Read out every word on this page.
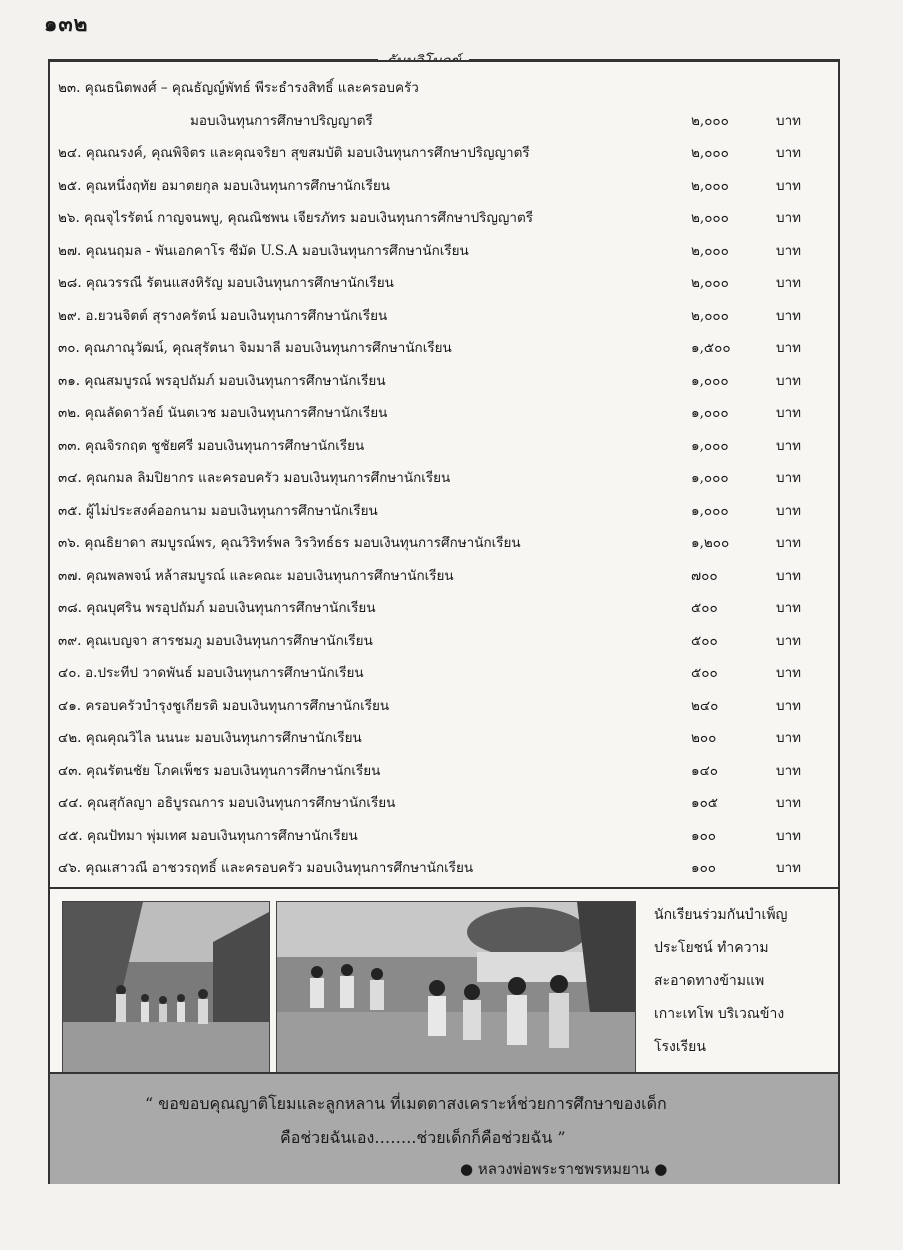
๑๓๒
๒๓. คุณธนิตพงศ์ – คุณธัญญ์พัทธ์ พีระธำรงสิทธิ์ และครอบครัว
มอบเงินทุนการศึกษาปริญญาตรี	๒,๐๐๐	บาท
๒๔. คุณณรงค์, คุณพิจิตร และคุณจริยา สุขสมบัติ มอบเงินทุนการศึกษาปริญญาตรี	๒,๐๐๐	บาท
๒๕. คุณหนึ่งฤทัย อมาตยกุล มอบเงินทุนการศึกษานักเรียน	๒,๐๐๐	บาท
๒๖. คุณจุไรรัตน์ กาญจนพบู, คุณณิชพน เจียรภัทร มอบเงินทุนการศึกษาปริญญาตรี	๒,๐๐๐	บาท
๒๗. คุณนฤมล - พันเอกคาโร ซีมัด U.S.A มอบเงินทุนการศึกษานักเรียน	๒,๐๐๐	บาท
๒๘. คุณวรรณี รัตนแสงหิรัญ มอบเงินทุนการศึกษานักเรียน	๒,๐๐๐	บาท
๒๙. อ.ยวนจิตต์ สุรางครัตน์ มอบเงินทุนการศึกษานักเรียน	๒,๐๐๐	บาท
๓๐. คุณภาณุวัฒน์, คุณสุรัตนา จิมมาลี มอบเงินทุนการศึกษานักเรียน	๑,๕๐๐	บาท
๓๑. คุณสมบูรณ์ พรอุปถัมภ์ มอบเงินทุนการศึกษานักเรียน	๑,๐๐๐	บาท
๓๒. คุณลัดดาวัลย์ นันตเวช มอบเงินทุนการศึกษานักเรียน	๑,๐๐๐	บาท
๓๓. คุณจิรกฤต ชูชัยศรี มอบเงินทุนการศึกษานักเรียน	๑,๐๐๐	บาท
๓๔. คุณกมล ลิมปิยากร และครอบครัว มอบเงินทุนการศึกษานักเรียน	๑,๐๐๐	บาท
๓๕. ผู้ไม่ประสงค์ออกนาม มอบเงินทุนการศึกษานักเรียน	๑,๐๐๐	บาท
๓๖. คุณธิยาดา สมบูรณ์พร, คุณวิริทร์พล วิรวิทธ์ธร มอบเงินทุนการศึกษานักเรียน	๑,๒๐๐	บาท
๓๗. คุณพลพจน์ หล้าสมบูรณ์ และคณะ มอบเงินทุนการศึกษานักเรียน	๗๐๐	บาท
๓๘. คุณบุศริน พรอุปถัมภ์ มอบเงินทุนการศึกษานักเรียน	๕๐๐	บาท
๓๙. คุณเบญจา สารชมภู มอบเงินทุนการศึกษานักเรียน	๕๐๐	บาท
๔๐. อ.ประทีป วาดพันธ์ มอบเงินทุนการศึกษานักเรียน	๕๐๐	บาท
๔๑. ครอบครัวบำรุงชูเกียรติ มอบเงินทุนการศึกษานักเรียน	๒๔๐	บาท
๔๒. คุณคุณวิไล นนนะ มอบเงินทุนการศึกษานักเรียน	๒๐๐	บาท
๔๓. คุณรัตนชัย โภคเพ็ชร มอบเงินทุนการศึกษานักเรียน	๑๔๐	บาท
๔๔. คุณสุกัลญา อธิบูรณการ มอบเงินทุนการศึกษานักเรียน	๑๐๕	บาท
๔๕. คุณปัทมา พุ่มเทศ มอบเงินทุนการศึกษานักเรียน	๑๐๐	บาท
๔๖. คุณเสาวณี อาชวรฤทธิ์ และครอบครัว มอบเงินทุนการศึกษานักเรียน	๑๐๐	บาท
นักเรียนร่วมกันบำเพ็ญ
ประโยชน์ ทำความ
สะอาดทางข้ามแพ
เกาะเทโพ บริเวณข้าง
โรงเรียน
“ ขอขอบคุณญาติโยมและลูกหลาน ที่เมตตาสงเคราะห์ช่วยการศึกษาของเด็ก
คือช่วยฉันเอง……..ช่วยเด็กก็คือช่วยฉัน ”
● หลวงพ่อพระราชพรหมยาน ●
